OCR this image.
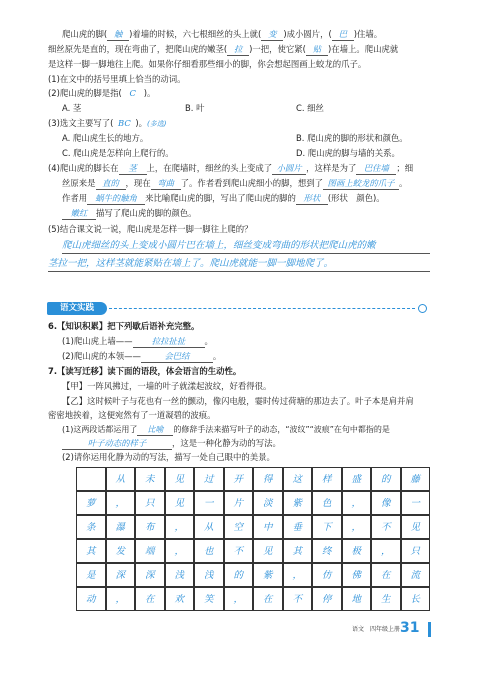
爬山虎的脚( 触 )着墙的时候，六七根细丝的头上就( 变 )成小圆片，( 巴 )住墙。
细丝原先是直的，现在弯曲了，把爬山虎的嫩茎( 拉 )一把，使它紧( 贴 )在墙上。爬山虎就
是这样一脚一脚地往上爬。如果你仔细看那些细小的脚，你会想起图画上蛟龙的爪子。
(1)在文中的括号里填上恰当的动词。
(2)爬山虎的脚是指( C )。
A. 茎	B. 叶	C. 细丝
(3)选文主要写了( BC )。(多选)
A. 爬山虎生长的地方。	B. 爬山虎的脚的形状和颜色。
C. 爬山虎是怎样向上爬行的。	D. 爬山虎的脚与墙的关系。
(4)爬山虎的脚长在 茎 上，在爬墙时，细丝的头上变成了 小圆片 ，这样是为了 巴住墙 ；细
丝原来是 直的 ，现在 弯曲 了。作者看到爬山虎细小的脚，想到了 图画上蛟龙的爪子 。
作者用 蜗牛的触角 来比喻爬山虎的脚，写出了爬山虎的脚的 形状 (形状　颜色)。
嫩红 描写了爬山虎的脚的颜色。
(5)结合课文说一说，爬山虎是怎样一脚一脚往上爬的？
爬山虎细丝的头上变成小圆片巴在墙上，细丝变成弯曲的形状把爬山虎的嫩
茎拉一把，这样茎就能紧贴在墙上了。爬山虎就能一脚一脚地爬了。
语文实践
6.【知识积累】把下列歇后语补充完整。
(1)爬山虎上墙—— 拉拉扯扯 。
(2)爬山虎的本领——	会巴结	。
7.【读写迁移】读下面的语段，体会语言的生动性。
【甲】一阵风拂过，一墙的叶子就漾起波纹，好看得很。
【乙】这时候叶子与花也有一丝的颤动，像闪电般，霎时传过荷塘的那边去了。叶子本是肩并肩
密密地挨着，这便宛然有了一道凝碧的波痕。
(1)这两段话都运用了 比喻 的修辞手法来描写叶子的动态，“波纹”“波痕”在句中都指的是
从	未	见	过	开	得	这	样	盛	的	藤
萝	，	只	见	一	片	淡	紫	色	，	像	一
条	瀑	布	，	从	空	中	垂	下	，	不	见
其	发	端	，	也	不	见	其	终	极	，	只
是	深	深	浅	浅	的	紫	，	仿	佛	在	流
动	，	在	欢	笑	，	在	不	停	地	生	长
语文　四年级上册 31
叶子动态的样子	，这是一种化静为动的写法。
(2)请你运用化静为动的写法，描写一处自己眼中的美景。
